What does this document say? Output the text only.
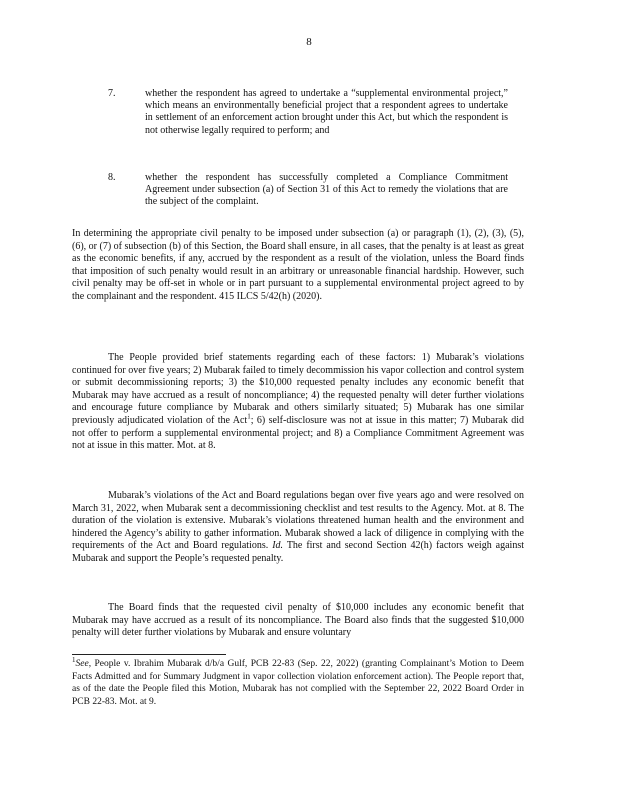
8
7.	whether the respondent has agreed to undertake a “supplemental environmental project,” which means an environmentally beneficial project that a respondent agrees to undertake in settlement of an enforcement action brought under this Act, but which the respondent is not otherwise legally required to perform; and
8.	whether the respondent has successfully completed a Compliance Commitment Agreement under subsection (a) of Section 31 of this Act to remedy the violations that are the subject of the complaint.
In determining the appropriate civil penalty to be imposed under subsection (a) or paragraph (1), (2), (3), (5), (6), or (7) of subsection (b) of this Section, the Board shall ensure, in all cases, that the penalty is at least as great as the economic benefits, if any, accrued by the respondent as a result of the violation, unless the Board finds that imposition of such penalty would result in an arbitrary or unreasonable financial hardship. However, such civil penalty may be off-set in whole or in part pursuant to a supplemental environmental project agreed to by the complainant and the respondent. 415 ILCS 5/42(h) (2020).
The People provided brief statements regarding each of these factors: 1) Mubarak’s violations continued for over five years; 2) Mubarak failed to timely decommission his vapor collection and control system or submit decommissioning reports; 3) the $10,000 requested penalty includes any economic benefit that Mubarak may have accrued as a result of noncompliance; 4) the requested penalty will deter further violations and encourage future compliance by Mubarak and others similarly situated; 5) Mubarak has one similar previously adjudicated violation of the Act$^1$; 6) self-disclosure was not at issue in this matter; 7) Mubarak did not offer to perform a supplemental environmental project; and 8) a Compliance Commitment Agreement was not at issue in this matter. Mot. at 8.
Mubarak’s violations of the Act and Board regulations began over five years ago and were resolved on March 31, 2022, when Mubarak sent a decommissioning checklist and test results to the Agency. Mot. at 8. The duration of the violation is extensive. Mubarak’s violations threatened human health and the environment and hindered the Agency’s ability to gather information. Mubarak showed a lack of diligence in complying with the requirements of the Act and Board regulations. Id. The first and second Section 42(h) factors weigh against Mubarak and support the People’s requested penalty.
The Board finds that the requested civil penalty of $10,000 includes any economic benefit that Mubarak may have accrued as a result of its noncompliance. The Board also finds that the suggested $10,000 penalty will deter further violations by Mubarak and ensure voluntary
$^1$See, People v. Ibrahim Mubarak d/b/a Gulf, PCB 22-83 (Sep. 22, 2022) (granting Complainant’s Motion to Deem Facts Admitted and for Summary Judgment in vapor collection violation enforcement action). The People report that, as of the date the People filed this Motion, Mubarak has not complied with the September 22, 2022 Board Order in PCB 22-83. Mot. at 9.
